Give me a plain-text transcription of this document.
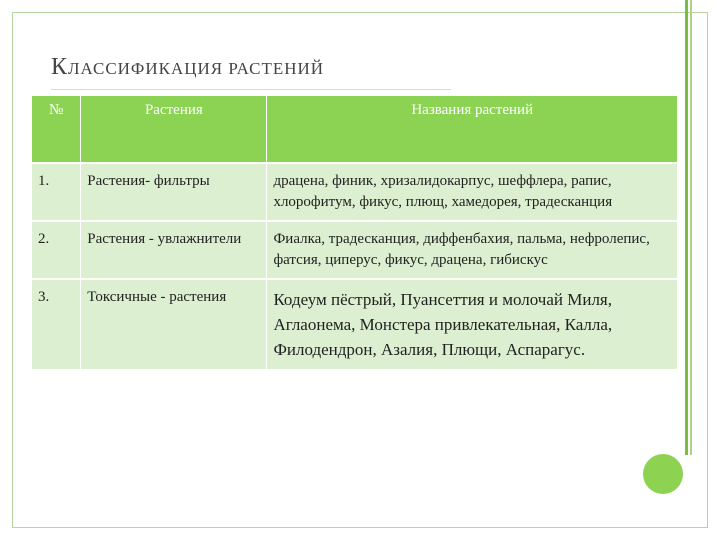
КЛАССИФИКАЦИЯ РАСТЕНИЙ
№	Растения	Названия растений
1.	Растения- фильтры	драцена, финик, хризалидокарпус, шеффлера, рапис, хлорофитум, фикус, плющ, хамедорея, традесканция
2.	Растения - увлажнители	Фиалка, традесканция, диффенбахия, пальма, нефролепис, фатсия, циперус, фикус, драцена, гибискус
3.	Токсичные - растения	Кодеум пёстрый, Пуансеттия и молочай Миля, Аглаонема, Монстера привлекательная, Калла, Филодендрон, Азалия, Плющи, Аспарагус.
